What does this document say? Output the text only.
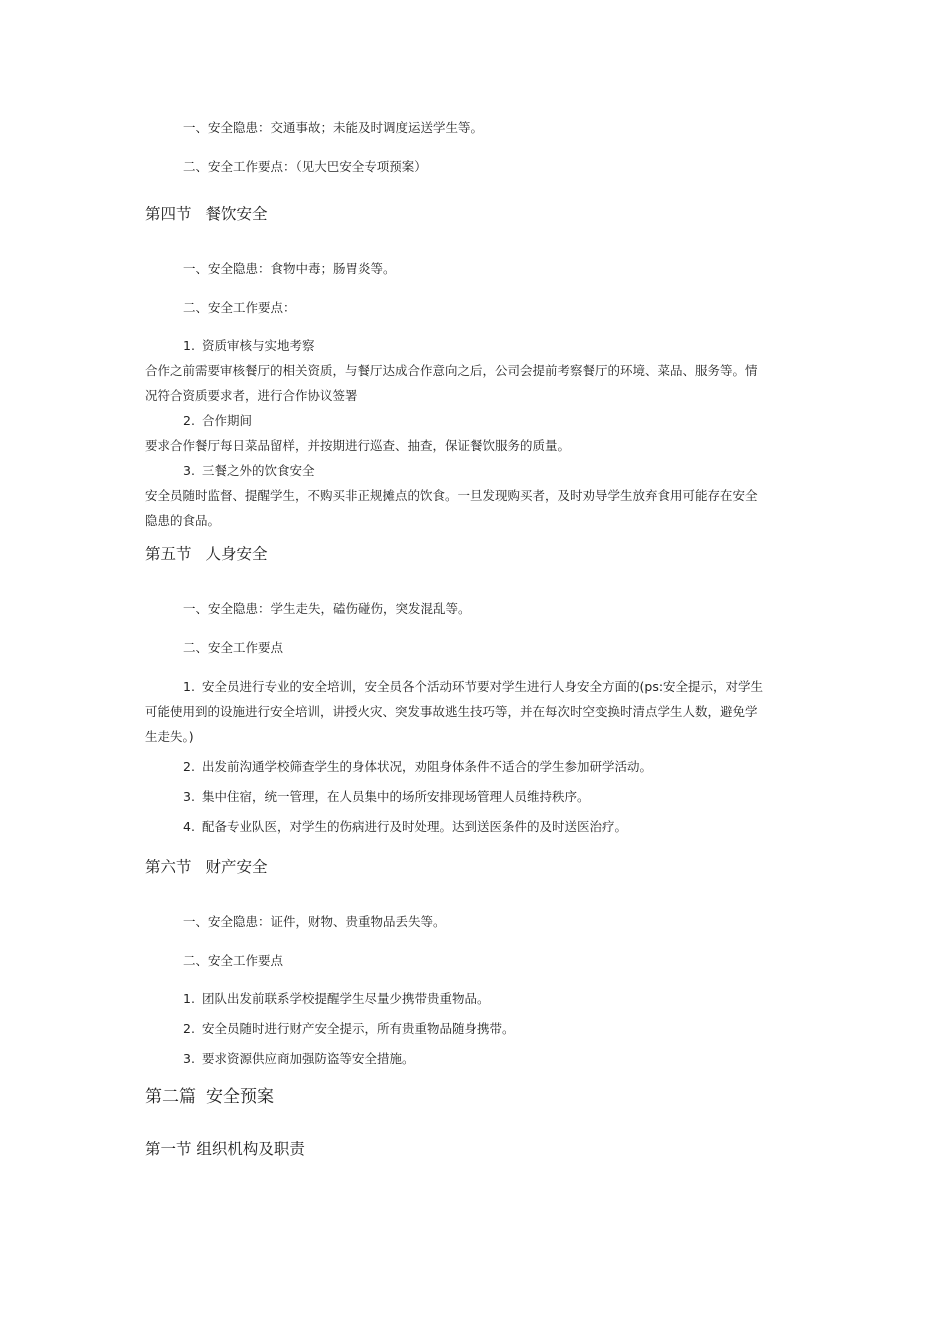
一、安全隐患：交通事故；未能及时调度运送学生等。
二、安全工作要点：（见大巴安全专项预案）
第四节 餐饮安全
一、安全隐患：食物中毒；肠胃炎等。
二、安全工作要点：
1. 资质审核与实地考察
合作之前需要审核餐厅的相关资质，与餐厅达成合作意向之后，公司会提前考察餐厅的环境、菜品、服务等。情
况符合资质要求者，进行合作协议签署
2. 合作期间
要求合作餐厅每日菜品留样，并按期进行巡查、抽查，保证餐饮服务的质量。
3. 三餐之外的饮食安全
安全员随时监督、提醒学生，不购买非正规摊点的饮食。一旦发现购买者，及时劝导学生放弃食用可能存在安全
隐患的食品。
第五节 人身安全
一、安全隐患：学生走失，磕伤碰伤，突发混乱等。
二、安全工作要点
1. 安全员进行专业的安全培训，安全员各个活动环节要对学生进行人身安全方面的(ps:安全提示，对学生
可能使用到的设施进行安全培训，讲授火灾、突发事故逃生技巧等，并在每次时空变换时清点学生人数，避免学
生走失。)
2. 出发前沟通学校筛查学生的身体状况，劝阻身体条件不适合的学生参加研学活动。
3. 集中住宿，统一管理，在人员集中的场所安排现场管理人员维持秩序。
4. 配备专业队医，对学生的伤病进行及时处理。达到送医条件的及时送医治疗。
第六节 财产安全
一、安全隐患：证件，财物、贵重物品丢失等。
二、安全工作要点
1. 团队出发前联系学校提醒学生尽量少携带贵重物品。
2. 安全员随时进行财产安全提示，所有贵重物品随身携带。
3. 要求资源供应商加强防盗等安全措施。
第二篇 安全预案
第一节 组织机构及职责
